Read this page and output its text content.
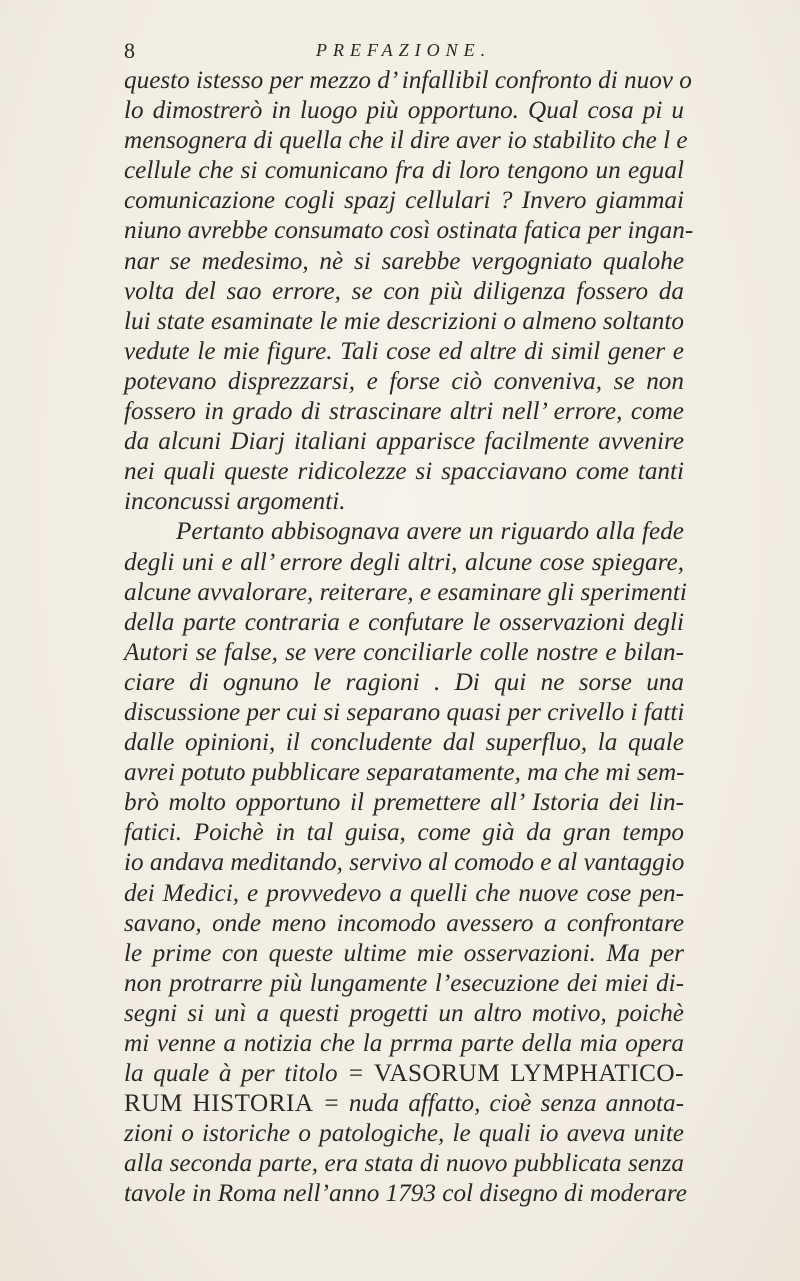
8	PREFAZIONE.
questo istesso per mezzo d’ infallibil confronto di nuov o
lo dimostrerò in luogo più opportuno. Qual cosa pi u
mensognera di quella che il dire aver io stabilito che l e
cellule che si comunicano fra di loro tengono un egual
comunicazione cogli spazj cellulari ? Invero giammai
niuno avrebbe consumato così ostinata fatica per ingan-
nar se medesimo, nè si sarebbe vergogniato qualohe
volta del sao errore, se con più diligenza fossero da
lui state esaminate le mie descrizioni o almeno soltanto
vedute le mie figure. Tali cose ed altre di simil gener e
potevano disprezzarsi, e forse ciò conveniva, se non
fossero in grado di strascinare altri nell’ errore, come
da alcuni Diarj italiani apparisce facilmente avvenire
nei quali queste ridicolezze si spacciavano come tanti
inconcussi argomenti.
Pertanto abbisognava avere un riguardo alla fede
degli uni e all’ errore degli altri, alcune cose spiegare,
alcune avvalorare, reiterare, e esaminare gli sperimenti
della parte contraria e confutare le osservazioni degli
Autori se false, se vere conciliarle colle nostre e bilan-
ciare di ognuno le ragioni . Di qui ne sorse una
discussione per cui si separano quasi per crivello i fatti
dalle opinioni, il concludente dal superfluo, la quale
avrei potuto pubblicare separatamente, ma che mi sem-
brò molto opportuno il premettere all’ Istoria dei lin-
fatici. Poichè in tal guisa, come già da gran tempo
io andava meditando, servivo al comodo e al vantaggio
dei Medici, e provvedevo a quelli che nuove cose pen-
savano, onde meno incomodo avessero a confrontare
le prime con queste ultime mie osservazioni. Ma per
non protrarre più lungamente l’esecuzione dei miei di-
segni si unì a questi progetti un altro motivo, poichè
mi venne a notizia che la prrma parte della mia opera
la quale à per titolo = VASORUM LYMPHATICO-
RUM HISTORIA = nuda affatto, cioè senza annota-
zioni o istoriche o patologiche, le quali io aveva unite
alla seconda parte, era stata di nuovo pubblicata senza
tavole in Roma nell’anno 1793 col disegno di moderare
